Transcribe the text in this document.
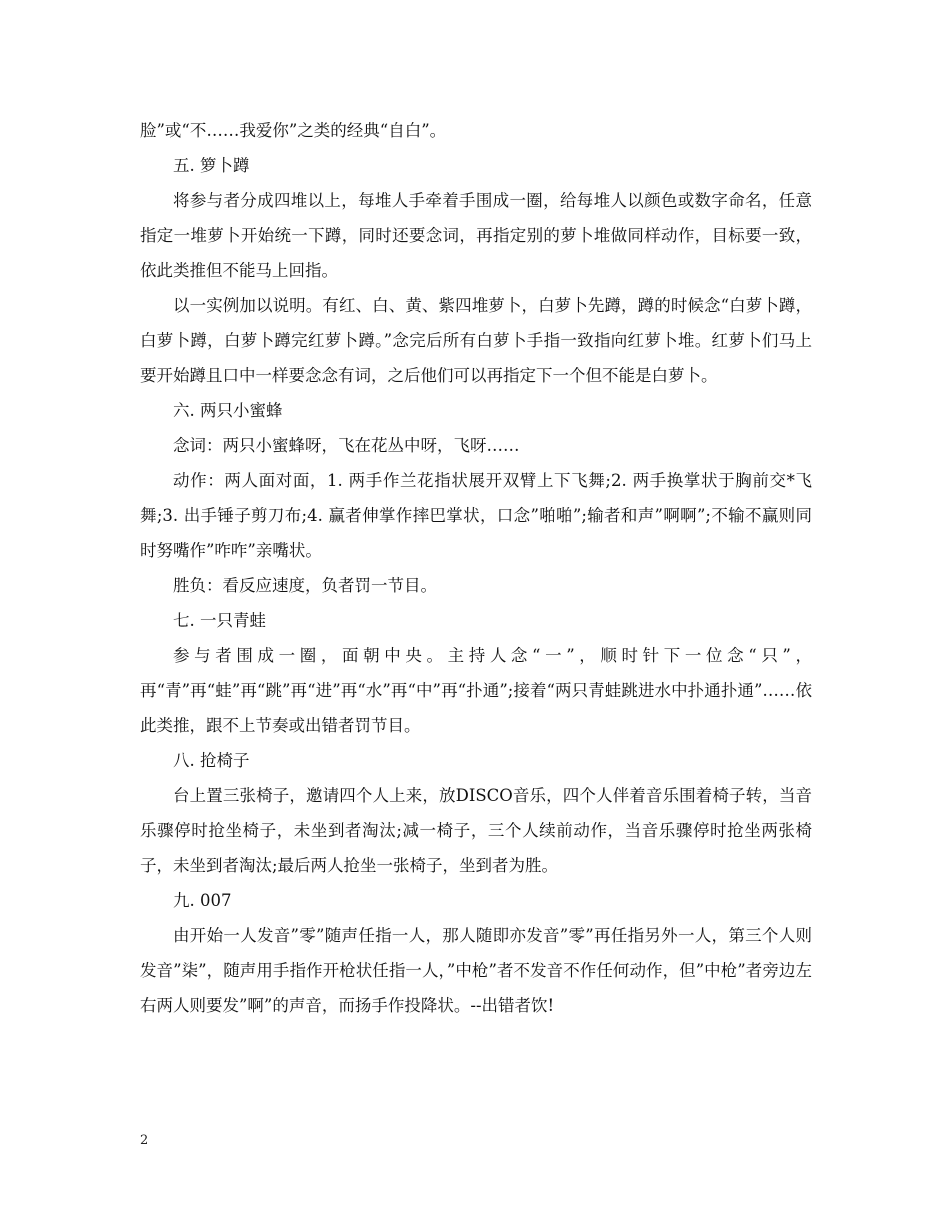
脸”或“不……我爱你”之类的经典“自白”。

五. 箩卜蹲

将参与者分成四堆以上，每堆人手牵着手围成一圈，给每堆人以颜色或数字命名，任意指定一堆萝卜开始统一下蹲，同时还要念词，再指定别的萝卜堆做同样动作，目标要一致，依此类推但不能马上回指。

以一实例加以说明。有红、白、黄、紫四堆萝卜，白萝卜先蹲，蹲的时候念“白萝卜蹲，白萝卜蹲，白萝卜蹲完红萝卜蹲。”念完后所有白萝卜手指一致指向红萝卜堆。红萝卜们马上要开始蹲且口中一样要念念有词，之后他们可以再指定下一个但不能是白萝卜。

六. 两只小蜜蜂

念词：两只小蜜蜂呀，飞在花丛中呀，飞呀……

动作：两人面对面，1. 两手作兰花指状展开双臂上下飞舞;2. 两手换掌状于胸前交*飞舞;3. 出手锤子剪刀布;4. 赢者伸掌作摔巴掌状，口念”啪啪”;输者和声”啊啊”;不输不赢则同时努嘴作”咋咋”亲嘴状。

胜负：看反应速度，负者罚一节目。

七. 一只青蛙

参与者围成一圈，面朝中央。主持人念“一”，顺时针下一位念“只”，再“青”再“蛙”再“跳”再“进”再“水”再“中”再“扑通”;接着“两只青蛙跳进水中扑通扑通”……依此类推，跟不上节奏或出错者罚节目。

八. 抢椅子

台上置三张椅子，邀请四个人上来，放DISCO音乐，四个人伴着音乐围着椅子转，当音乐骤停时抢坐椅子，未坐到者淘汰;减一椅子，三个人续前动作，当音乐骤停时抢坐两张椅子，未坐到者淘汰;最后两人抢坐一张椅子，坐到者为胜。

九. 007

由开始一人发音”零”随声任指一人，那人随即亦发音”零”再任指另外一人，第三个人则发音”柒”，随声用手指作开枪状任指一人，”中枪”者不发音不作任何动作，但”中枪”者旁边左右两人则要发”啊”的声音，而扬手作投降状。--出错者饮!

2
